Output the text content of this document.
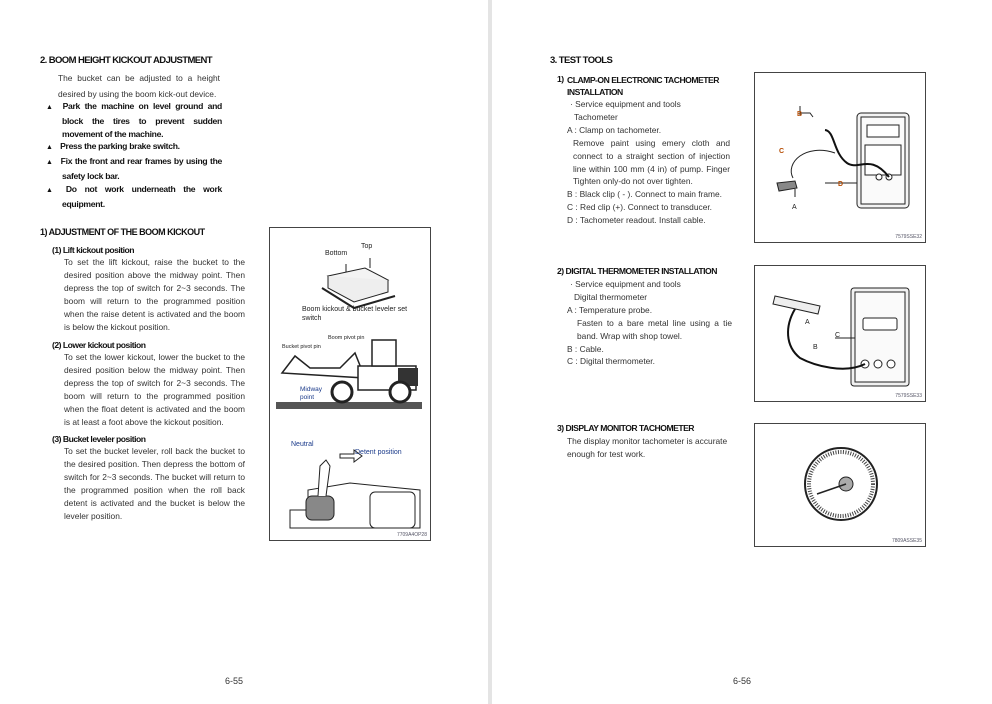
2. BOOM HEIGHT KICKOUT ADJUSTMENT
The bucket can be adjusted to a height desired by using the boom kick-out device.
▲ Park the machine on level ground and block the tires to prevent sudden movement of the machine.
▲ Press the parking brake switch.
▲ Fix the front and rear frames by using the safety lock bar.
▲ Do not work underneath the work equipment.
1) ADJUSTMENT OF THE BOOM KICKOUT
(1) Lift kickout position
To set the lift kickout, raise the bucket to the desired position above the midway point. Then depress the top of switch for 2~3 seconds. The boom will return to the programmed position when the raise detent is activated and the boom is below the kickout position.
(2) Lower kickout position
To set the lower kickout, lower the bucket to the desired position below the midway point. Then depress the top of switch for 2~3 seconds. The boom will return to the programmed position when the float detent is activated and the boom is at least a foot above the kickout position.
(3) Bucket leveler position
To set the bucket leveler, roll back the bucket to the desired position. Then depress the bottom of switch for 2~3 seconds. The bucket will return to the programmed position when the roll back detent is activated and the bucket is below the leveler position.
Top
Bottom
Boom kickout & bucket leveler set switch
Boom pivot pin
Bucket pivot pin
Midway point
Neutral
Detent position
7709A4OP28
6-55
3. TEST TOOLS
1) CLAMP-ON ELECTRONIC TACHOMETER INSTALLATION

· Service equipment and tools

Tachometer

A : Clamp on tachometer.

Remove paint using emery cloth and connect to a straight section of injection line within 100 mm (4 in) of pump. Finger Tighten only-do not over tighten.

B : Black clip ( - ). Connect to main frame.

C : Red clip (+). Connect to transducer.

D : Tachometer readout. Install cable.

B
C
D
A
7579SSE32
2) DIGITAL THERMOMETER INSTALLATION

· Service equipment and tools

Digital thermometer

A : Temperature probe.

Fasten to a bare metal line using a tie band. Wrap with shop towel.

B : Cable.

C : Digital thermometer.

A
B
C
7579SSE33
3) DISPLAY MONITOR TACHOMETER
The display monitor tachometer is accurate enough for test work.
7809ASSE35
6-56
